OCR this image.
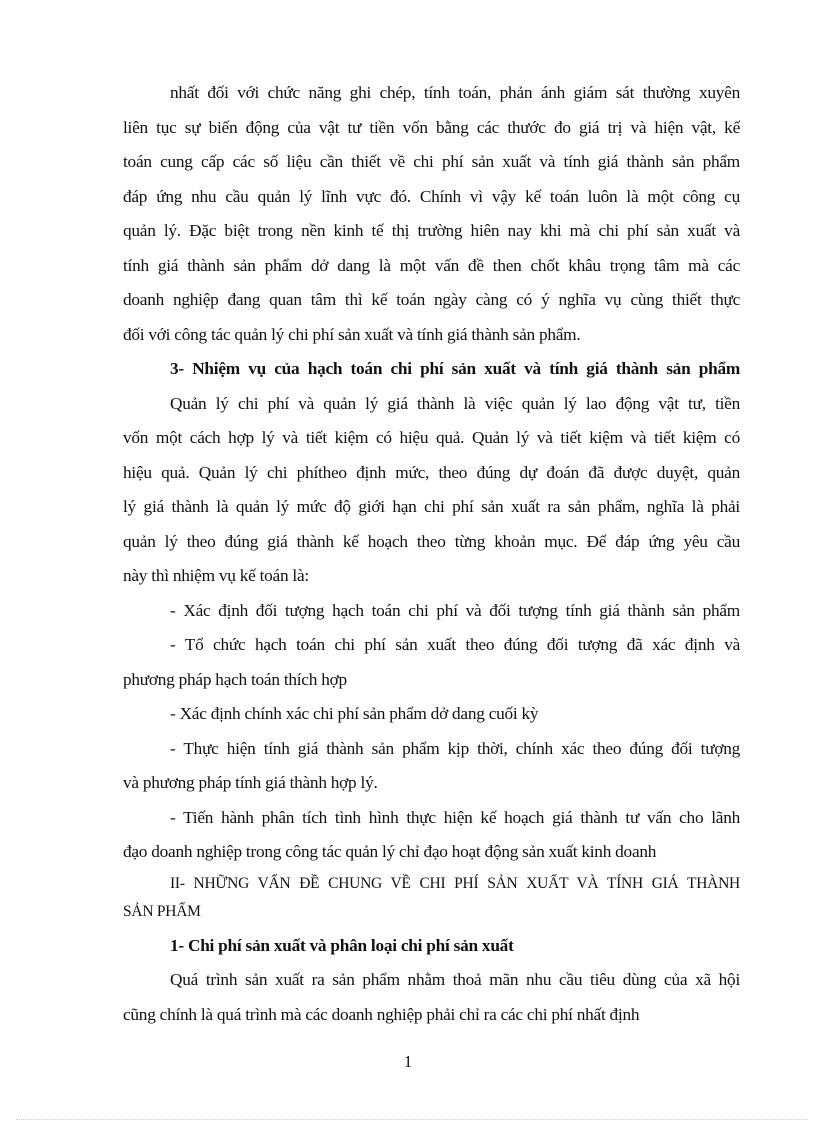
nhất đối với chức năng ghi chép, tính toán, phản ánh giám sát thường xuyên
liên tục sự biến động của vật tư tiền vốn bằng các thước đo giá trị và hiện vật, kế
toán cung cấp các số liệu cần thiết về chi phí sản xuất và tính giá thành sản phẩm
đáp ứng nhu cầu quản lý lĩnh vực đó. Chính vì vậy kế toán luôn là một công cụ
quản lý. Đặc biệt trong nền kinh tế thị trường hiên nay khi mà chi phí sản xuất và
tính giá thành sản phẩm dở dang là một vấn đề then chốt khâu trọng tâm mà các
doanh nghiệp đang quan tâm thì kế toán ngày càng có ý nghĩa vụ cùng thiết thực
đối với công tác quản lý chi phí sản xuất và tính giá thành sản phẩm.
3- Nhiệm vụ của hạch toán chi phí sản xuất và tính giá thành sản phẩm
Quản lý chi phí và quản lý giá thành là việc quản lý lao động vật tư, tiền
vốn một cách hợp lý và tiết kiệm có hiệu quả. Quản lý và tiết kiệm và tiết kiệm có
hiệu quả. Quản lý chi phítheo định mức, theo đúng dự đoán đã được duyệt, quản
lý giá thành là quản lý mức độ giới hạn chi phí sản xuất ra sản phẩm, nghĩa là phải
quản lý theo đúng giá thành kế hoạch theo từng khoản mục. Để đáp ứng yêu cầu
này thì nhiệm vụ kế toán là:
- Xác định đối tượng hạch toán chi phí và đối tượng tính giá thành sản phẩm
- Tổ chức hạch toán chi phí sản xuất theo đúng đối tượng đã xác định và
phương pháp hạch toán thích hợp
- Xác định chính xác chi phí sản phẩm dở dang cuối kỳ
- Thực hiện tính giá thành sản phẩm kịp thời, chính xác theo đúng đối tượng
và phương pháp tính giá thành hợp lý.
- Tiến hành phân tích tình hình thực hiện kế hoạch giá thành tư vấn cho lãnh
đạo doanh nghiệp trong công tác quản lý chỉ đạo hoạt động sản xuất kinh doanh
II- NHỮNG VẤN ĐỀ CHUNG VỀ CHI PHÍ SẢN XUẤT VÀ TÍNH GIÁ THÀNH
SẢN PHẨM
1- Chi phí sản xuất và phân loại chi phí sản xuất
Quá trình sản xuất ra sản phẩm nhằm thoả mãn nhu cầu tiêu dùng của xã hội
cũng chính là quá trình mà các doanh nghiệp phải chỉ ra các chi phí nhất định
1
